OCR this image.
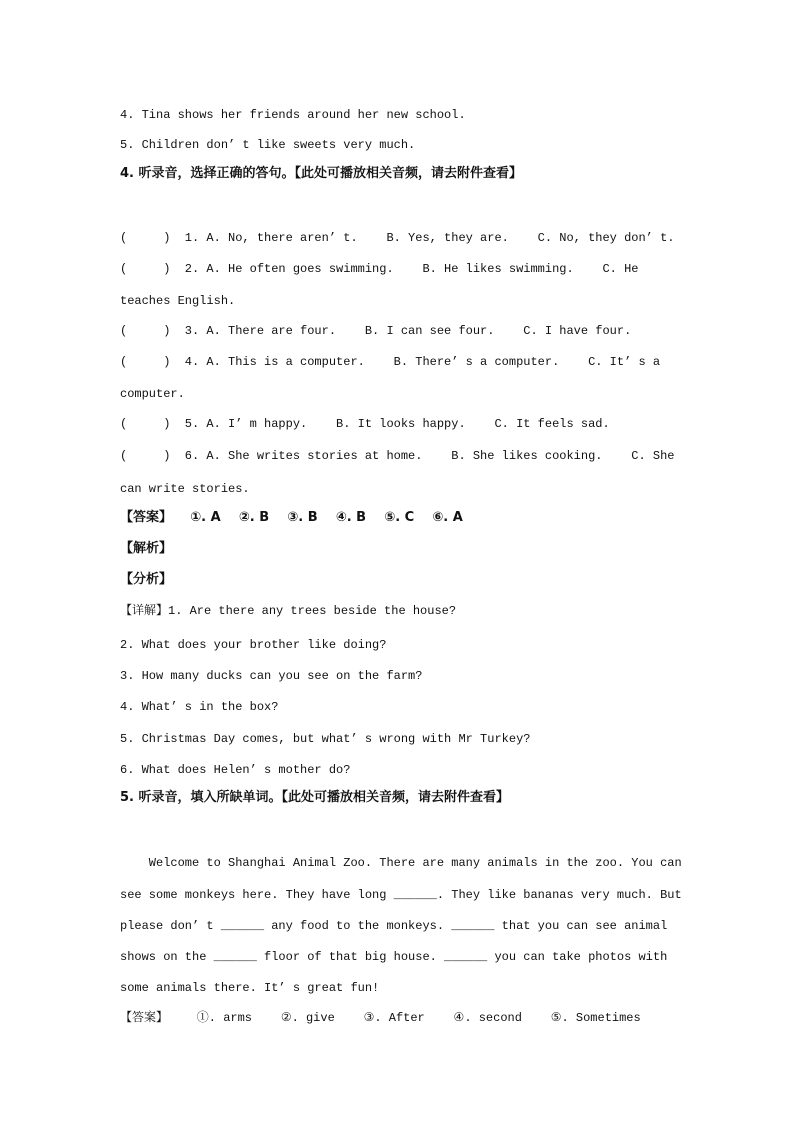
4. Tina shows her friends around her new school.
5. Children don’ t like sweets very much.
4. 听录音，选择正确的答句。【此处可播放相关音频，请去附件查看】
(     )  1. A. No, there aren’ t.    B. Yes, they are.    C. No, they don’ t.
(     )  2. A. He often goes swimming.    B. He likes swimming.    C. He
teaches English.
(     )  3. A. There are four.    B. I can see four.    C. I have four.
(     )  4. A. This is a computer.    B. There’ s a computer.    C. It’ s a
computer.
(     )  5. A. I’ m happy.    B. It looks happy.    C. It feels sad.
(     )  6. A. She writes stories at home.    B. She likes cooking.    C. She
can write stories.
【答案】    ①. A    ②. B    ③. B    ④. B    ⑤. C    ⑥. A
【解析】
【分析】
【详解】1. Are there any trees beside the house?
2. What does your brother like doing?
3. How many ducks can you see on the farm?
4. What’ s in the box?
5. Christmas Day comes, but what’ s wrong with Mr Turkey?
6. What does Helen’ s mother do?
5. 听录音，填入所缺单词。【此处可播放相关音频，请去附件查看】
Welcome to Shanghai Animal Zoo. There are many animals in the zoo. You can
see some monkeys here. They have long ______. They like bananas very much. But
please don’ t ______ any food to the monkeys. ______ that you can see animal
shows on the ______ floor of that big house. ______ you can take photos with
some animals there. It’ s great fun!
【答案】    ①. arms    ②. give    ③. After    ④. second    ⑤. Sometimes
